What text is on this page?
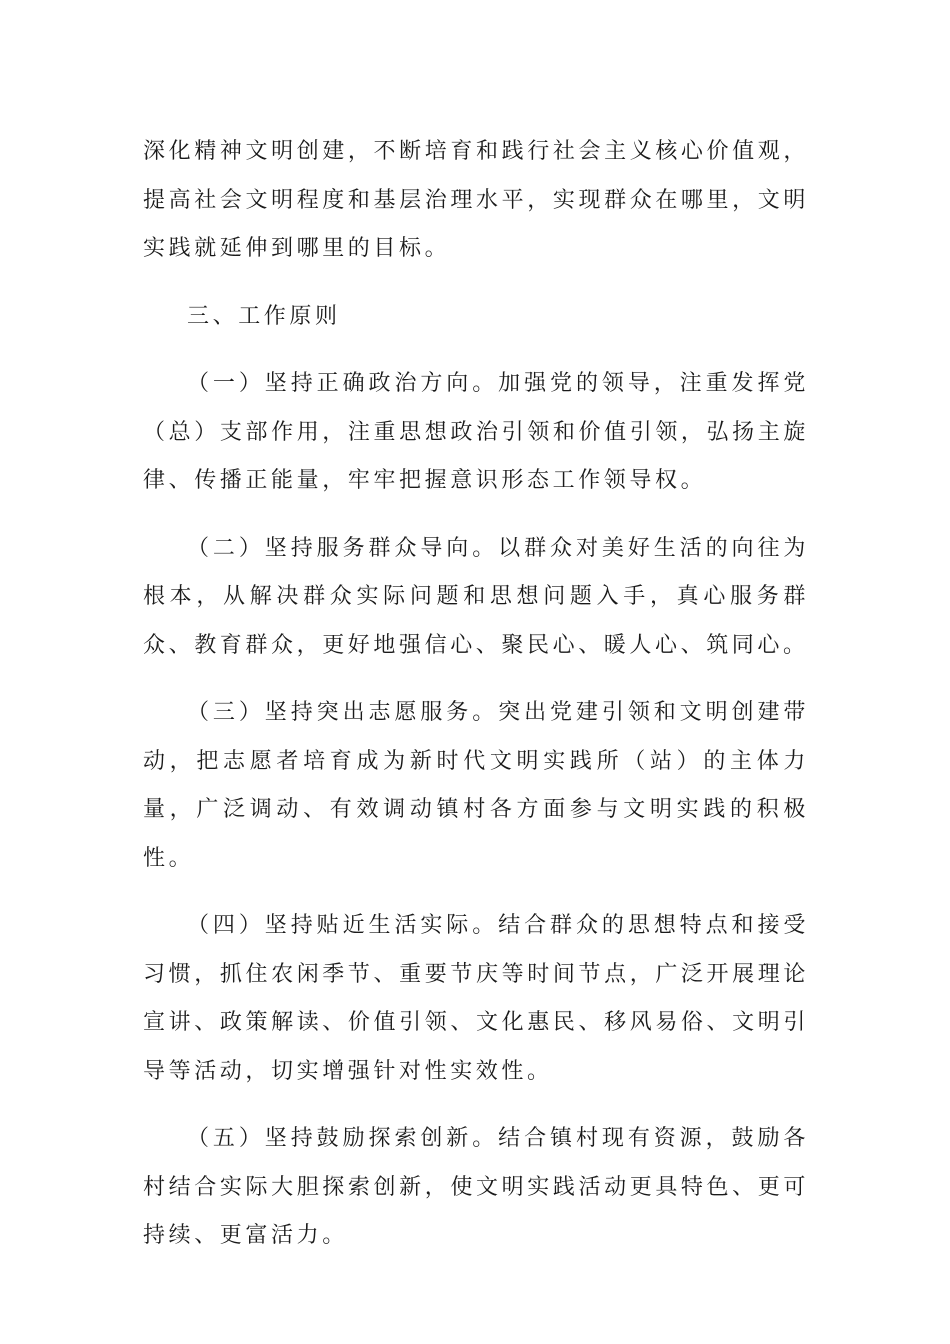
深化精神文明创建，不断培育和践行社会主义核心价值观，提高社会文明程度和基层治理水平，实现群众在哪里，文明实践就延伸到哪里的目标。

三、工作原则

（一）坚持正确政治方向。加强党的领导，注重发挥党（总）支部作用，注重思想政治引领和价值引领，弘扬主旋律、传播正能量，牢牢把握意识形态工作领导权。

（二）坚持服务群众导向。以群众对美好生活的向往为根本，从解决群众实际问题和思想问题入手，真心服务群众、教育群众，更好地强信心、聚民心、暖人心、筑同心。

（三）坚持突出志愿服务。突出党建引领和文明创建带动，把志愿者培育成为新时代文明实践所（站）的主体力量，广泛调动、有效调动镇村各方面参与文明实践的积极性。

（四）坚持贴近生活实际。结合群众的思想特点和接受习惯，抓住农闲季节、重要节庆等时间节点，广泛开展理论宣讲、政策解读、价值引领、文化惠民、移风易俗、文明引导等活动，切实增强针对性实效性。

（五）坚持鼓励探索创新。结合镇村现有资源，鼓励各村结合实际大胆探索创新，使文明实践活动更具特色、更可持续、更富活力。
